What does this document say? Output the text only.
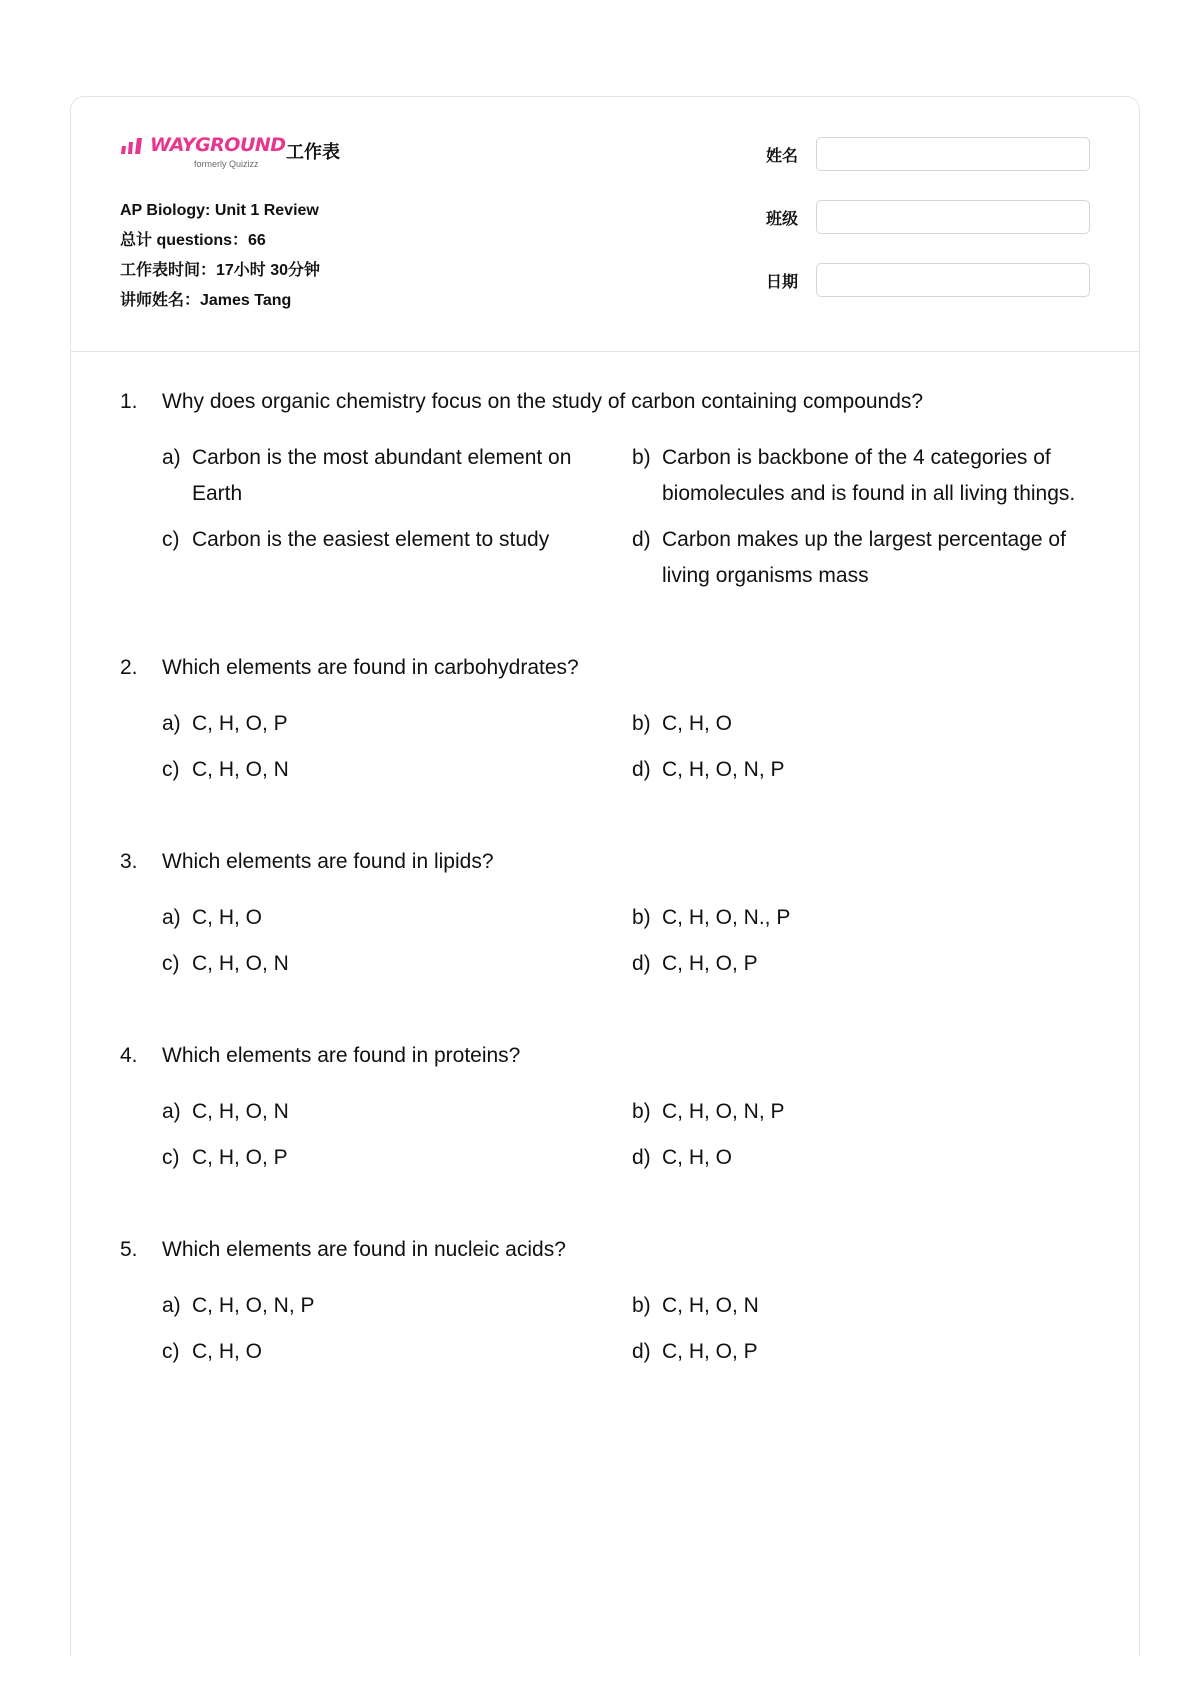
WAYGROUND
formerly Quizizz
工作表
AP Biology: Unit 1 Review
总计 questions：66
工作表时间：17小时 30分钟
讲师姓名：James Tang
姓名
班级
日期
1.	Why does organic chemistry focus on the study of carbon containing compounds?
a) Carbon is the most abundant element on Earth
b) Carbon is backbone of the 4 categories of biomolecules and is found in all living things.
c) Carbon is the easiest element to study	d) Carbon makes up the largest percentage of living organisms mass
2.	Which elements are found in carbohydrates?
a) C, H, O, P	b) C, H, O
c) C, H, O, N	d) C, H, O, N, P
3.	Which elements are found in lipids?
a) C, H, O	b) C, H, O, N., P
c) C, H, O, N	d) C, H, O, P
4.	Which elements are found in proteins?
a) C, H, O, N	b) C, H, O, N, P
c) C, H, O, P	d) C, H, O
5.	Which elements are found in nucleic acids?
a) C, H, O, N, P	b) C, H, O, N
c) C, H, O	d) C, H, O, P
